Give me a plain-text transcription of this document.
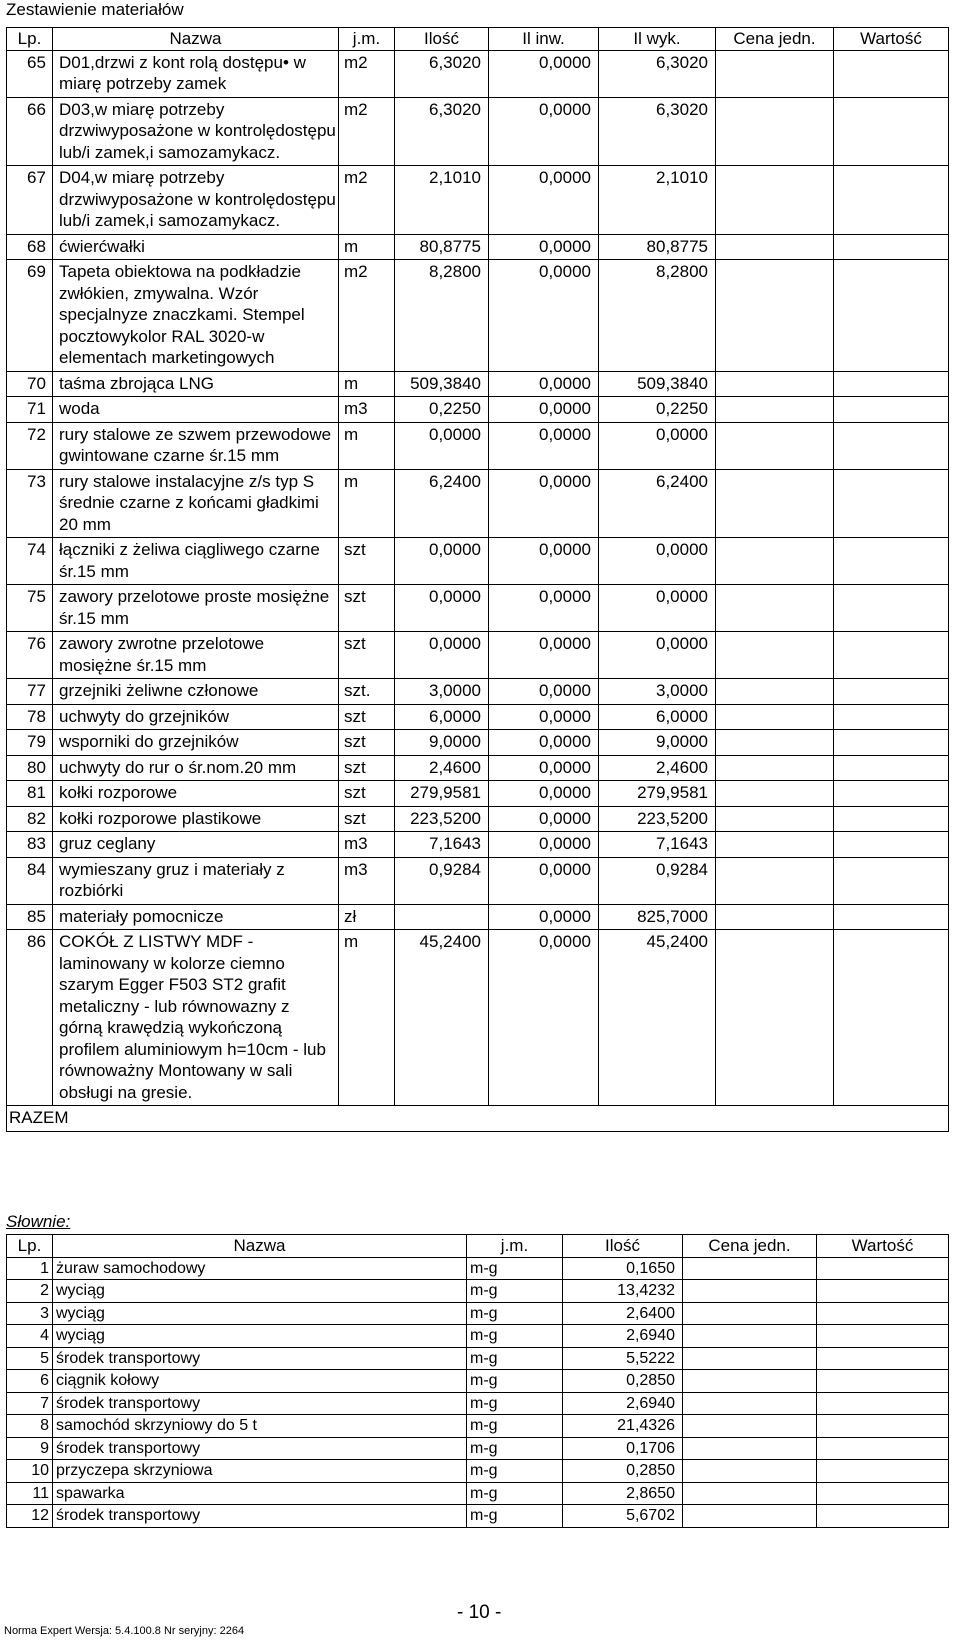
Zestawienie materiałów
Lp.	Nazwa	j.m.	Ilość	Il inw.	Il wyk.	Cena jedn.	Wartość
65	D01,drzwi z kont rolą dostępu• w miarę potrzeby zamek	m2	6,3020	0,0000	6,3020		
66	D03,w miarę potrzeby drzwiwyposażone w kontrolędostępu lub/i zamek,i samozamykacz.	m2	6,3020	0,0000	6,3020		
67	D04,w miarę potrzeby drzwiwyposażone w kontrolędostępu lub/i zamek,i samozamykacz.	m2	2,1010	0,0000	2,1010		
68	ćwierćwałki	m	80,8775	0,0000	80,8775		
69	Tapeta obiektowa na podkładzie zwłókien, zmywalna. Wzór specjalnyze znaczkami. Stempel pocztowykolor RAL 3020-w elementach marketingowych	m2	8,2800	0,0000	8,2800		
70	taśma zbrojąca LNG	m	509,3840	0,0000	509,3840		
71	woda	m3	0,2250	0,0000	0,2250		
72	rury stalowe ze szwem przewodowe gwintowane czarne śr.15 mm	m	0,0000	0,0000	0,0000		
73	rury stalowe instalacyjne z/s typ S średnie czarne z końcami gładkimi 20 mm	m	6,2400	0,0000	6,2400		
74	łączniki z żeliwa ciągliwego czarne śr.15 mm	szt	0,0000	0,0000	0,0000		
75	zawory przelotowe proste mosiężne śr.15 mm	szt	0,0000	0,0000	0,0000		
76	zawory zwrotne przelotowe mosiężne śr.15 mm	szt	0,0000	0,0000	0,0000		
77	grzejniki żeliwne członowe	szt.	3,0000	0,0000	3,0000		
78	uchwyty do grzejników	szt	6,0000	0,0000	6,0000		
79	wsporniki do grzejników	szt	9,0000	0,0000	9,0000		
80	uchwyty do rur o śr.nom.20 mm	szt	2,4600	0,0000	2,4600		
81	kołki rozporowe	szt	279,9581	0,0000	279,9581		
82	kołki rozporowe plastikowe	szt	223,5200	0,0000	223,5200		
83	gruz ceglany	m3	7,1643	0,0000	7,1643		
84	wymieszany gruz i materiały z rozbiórki	m3	0,9284	0,0000	0,9284		
85	materiały pomocnicze	zł		0,0000	825,7000		
86	COKÓŁ Z LISTWY MDF - laminowany w kolorze ciemno szarym Egger F503 ST2 grafit metaliczny - lub równowazny z górną krawędzią wykończoną profilem aluminiowym h=10cm - lub równoważny Montowany w sali obsługi na gresie.	m	45,2400	0,0000	45,2400		
RAZEM							
Słownie:
Lp.	Nazwa	j.m.	Ilość	Cena jedn.	Wartość
1	żuraw samochodowy	m-g	0,1650		
2	wyciąg	m-g	13,4232		
3	wyciąg	m-g	2,6400		
4	wyciąg	m-g	2,6940		
5	środek transportowy	m-g	5,5222		
6	ciągnik kołowy	m-g	0,2850		
7	środek transportowy	m-g	2,6940		
8	samochód skrzyniowy do 5 t	m-g	21,4326		
9	środek transportowy	m-g	0,1706		
10	przyczepa skrzyniowa	m-g	0,2850		
11	spawarka	m-g	2,8650		
12	środek transportowy	m-g	5,6702		
- 10 -
Norma Expert Wersja: 5.4.100.8 Nr seryjny: 2264
